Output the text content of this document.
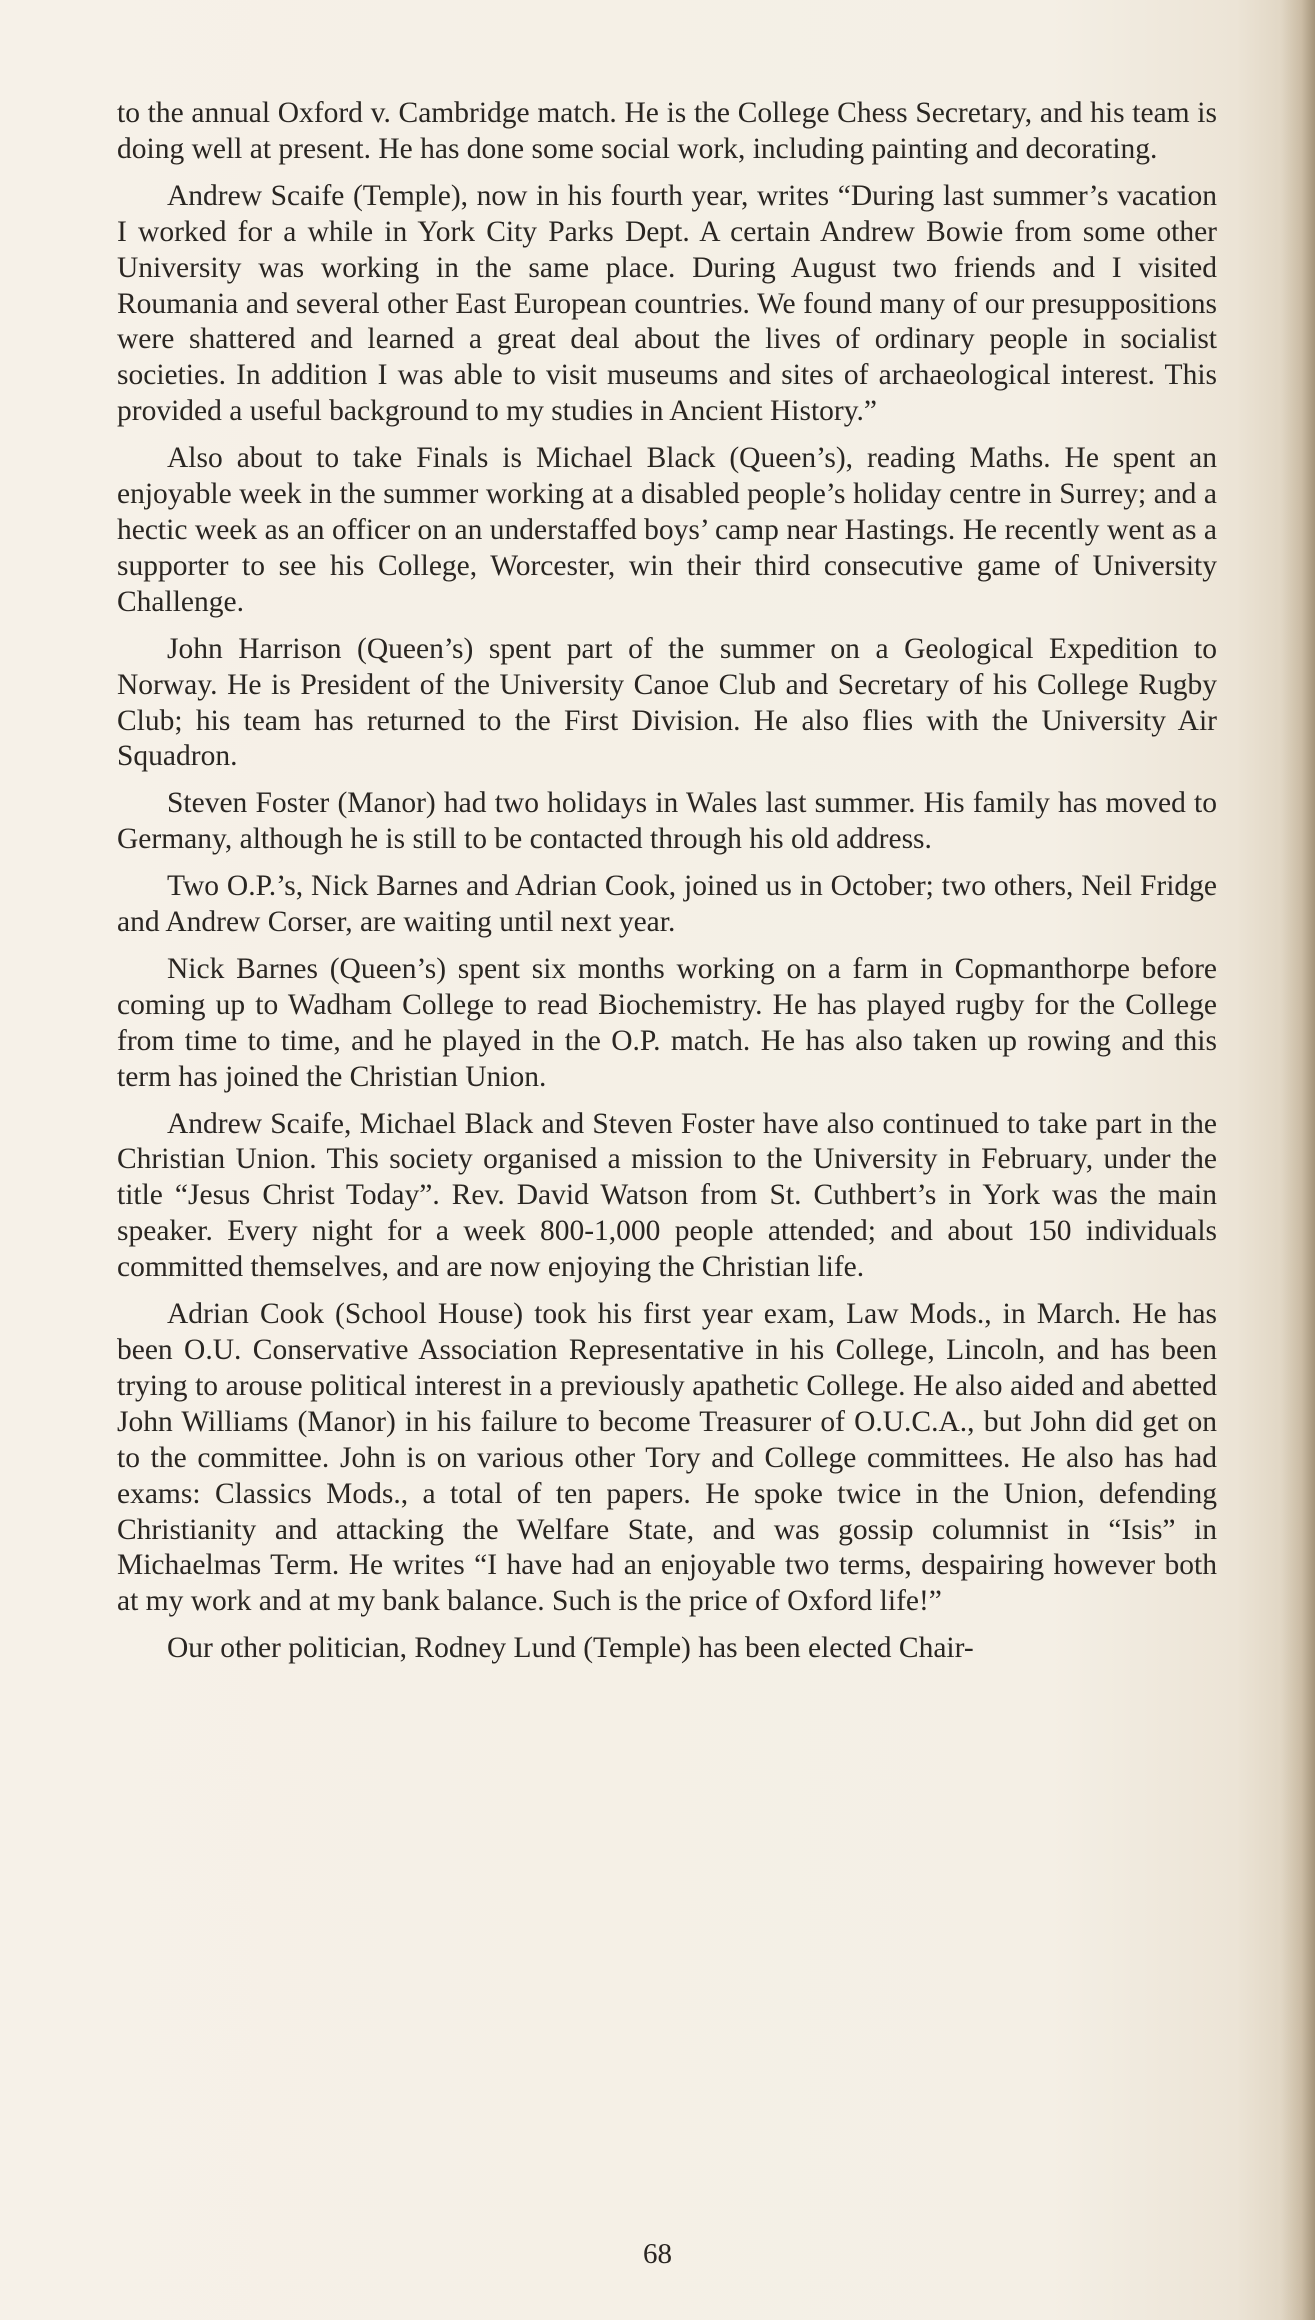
to the annual Oxford v. Cambridge match. He is the College Chess Secretary, and his team is doing well at present. He has done some social work, including painting and decorating.

Andrew Scaife (Temple), now in his fourth year, writes “During last summer’s vacation I worked for a while in York City Parks Dept. A certain Andrew Bowie from some other University was working in the same place. During August two friends and I visited Roumania and several other East European countries. We found many of our presuppositions were shattered and learned a great deal about the lives of ordinary people in socialist societies. In addition I was able to visit museums and sites of archaeological interest. This provided a useful background to my studies in Ancient History.”

Also about to take Finals is Michael Black (Queen’s), reading Maths. He spent an enjoyable week in the summer working at a disabled people’s holiday centre in Surrey; and a hectic week as an officer on an understaffed boys’ camp near Hastings. He recently went as a supporter to see his College, Worcester, win their third consecutive game of University Challenge.

John Harrison (Queen’s) spent part of the summer on a Geological Expedition to Norway. He is President of the University Canoe Club and Secretary of his College Rugby Club; his team has returned to the First Division. He also flies with the University Air Squadron.

Steven Foster (Manor) had two holidays in Wales last summer. His family has moved to Germany, although he is still to be contacted through his old address.

Two O.P.’s, Nick Barnes and Adrian Cook, joined us in October; two others, Neil Fridge and Andrew Corser, are waiting until next year.

Nick Barnes (Queen’s) spent six months working on a farm in Copmanthorpe before coming up to Wadham College to read Biochemistry. He has played rugby for the College from time to time, and he played in the O.P. match. He has also taken up rowing and this term has joined the Christian Union.

Andrew Scaife, Michael Black and Steven Foster have also continued to take part in the Christian Union. This society organised a mission to the University in February, under the title “Jesus Christ Today”. Rev. David Watson from St. Cuthbert’s in York was the main speaker. Every night for a week 800-1,000 people attended; and about 150 individuals committed themselves, and are now enjoying the Christian life.

Adrian Cook (School House) took his first year exam, Law Mods., in March. He has been O.U. Conservative Association Representative in his College, Lincoln, and has been trying to arouse political interest in a previously apathetic College. He also aided and abetted John Williams (Manor) in his failure to become Treasurer of O.U.C.A., but John did get on to the committee. John is on various other Tory and College committees. He also has had exams: Classics Mods., a total of ten papers. He spoke twice in the Union, defending Christianity and attacking the Welfare State, and was gossip columnist in “Isis” in Michaelmas Term. He writes “I have had an enjoyable two terms, despairing however both at my work and at my bank balance. Such is the price of Oxford life!”

Our other politician, Rodney Lund (Temple) has been elected Chair-

68
